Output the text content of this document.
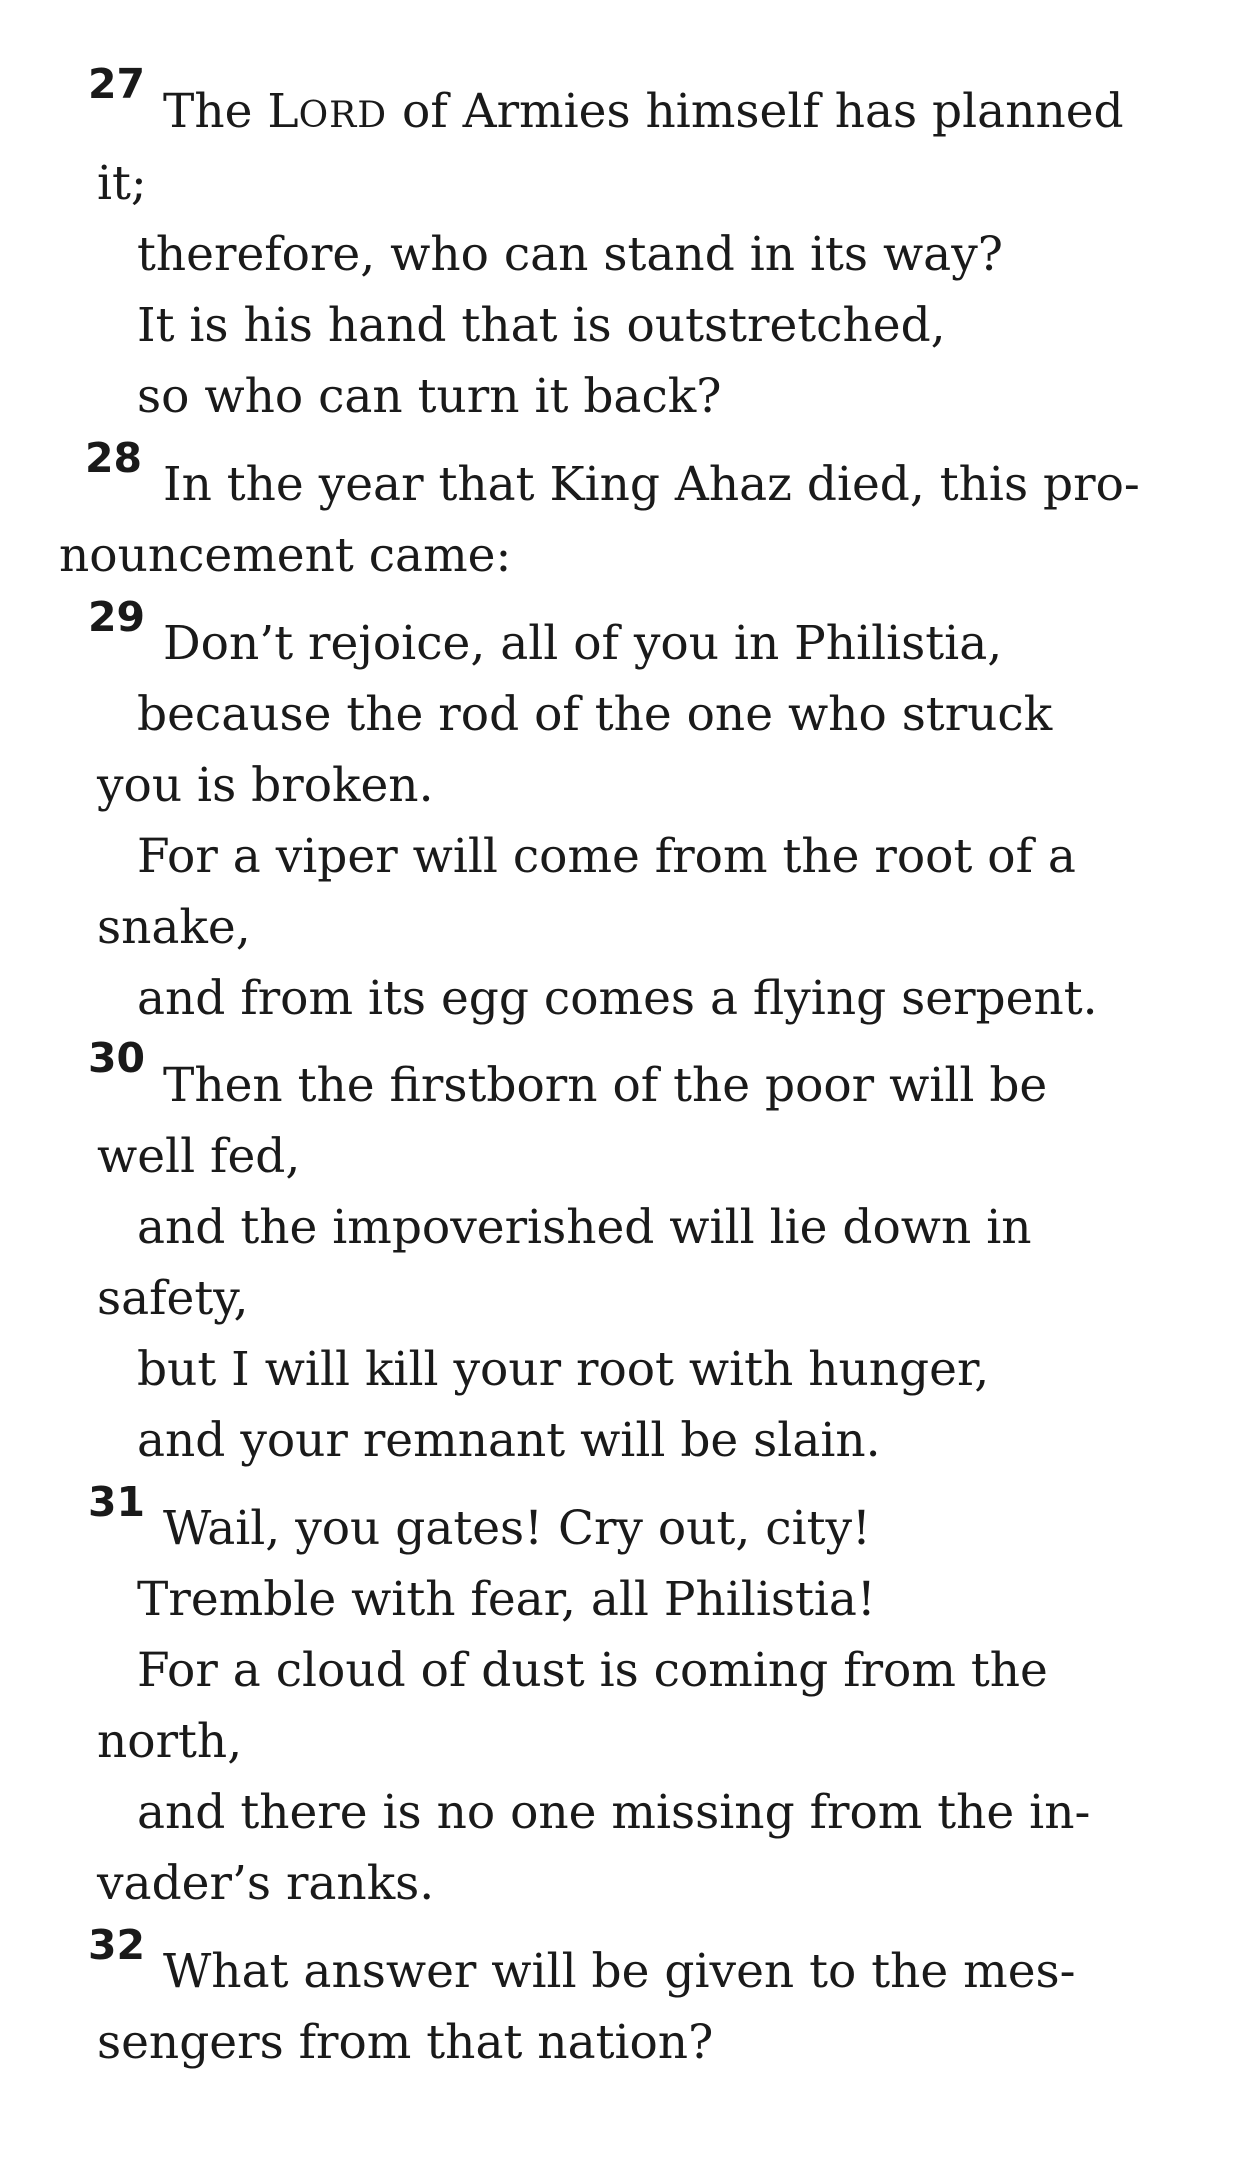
27 The LORD of Armies himself has planned
it;
therefore, who can stand in its way?
It is his hand that is outstretched,
so who can turn it back?
28 In the year that King Ahaz died, this pro-
nouncement came:
29 Don’t rejoice, all of you in Philistia,
because the rod of the one who struck
you is broken.
For a viper will come from the root of a
snake,
and from its egg comes a flying serpent.
30 Then the firstborn of the poor will be
well fed,
and the impoverished will lie down in
safety,
but I will kill your root with hunger,
and your remnant will be slain.
31 Wail, you gates! Cry out, city!
Tremble with fear, all Philistia!
For a cloud of dust is coming from the
north,
and there is no one missing from the in-
vader’s ranks.
32 What answer will be given to the mes-
sengers from that nation?
